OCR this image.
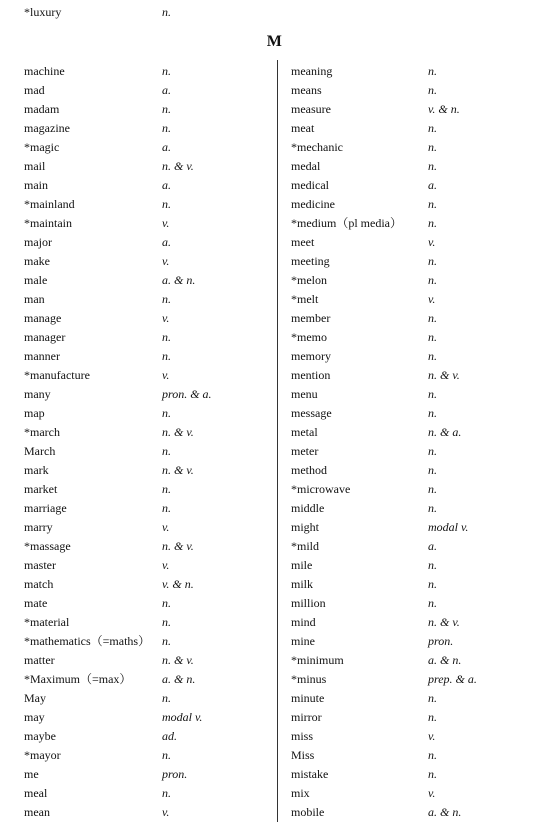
*luxury	n.
M
machine	n.
mad	a.
madam	n.
magazine	n.
*magic	a.
mail	n. & v.
main	a.
*mainland	n.
*maintain	v.
major	a.
make	v.
male	a. & n.
man	n.
manage	v.
manager	n.
manner	n.
*manufacture	v.
many	pron. & a.
map	n.
*march	n. & v.
March	n.
mark	n. & v.
market	n.
marriage	n.
marry	v.
*massage	n. & v.
master	v.
match	v. & n.
mate	n.
*material	n.
*mathematics（=maths） n.
matter	n. & v.
*Maximum（=max）	a. & n.
May	n.
may	modal v.
maybe	ad.
*mayor	n.
me	pron.
meal	n.
mean	v.
meaning	n.
means	n.
measure	v. & n.
meat	n.
*mechanic	n.
medal	n.
medical	a.
medicine	n.
*medium（pl media） n.
meet	v.
meeting	n.
*melon	n.
*melt	v.
member	n.
*memo	n.
memory	n.
mention	n. & v.
menu	n.
message	n.
metal	n. & a.
meter	n.
method	n.
*microwave	n.
middle	n.
might	modal v.
*mild	a.
mile	n.
milk	n.
million	n.
mind	n. & v.
mine	pron.
*minimum	a. & n.
*minus	prep. & a.
minute	n.
mirror	n.
miss	v.
Miss	n.
mistake	n.
mix	v.
mobile	a. & n.
